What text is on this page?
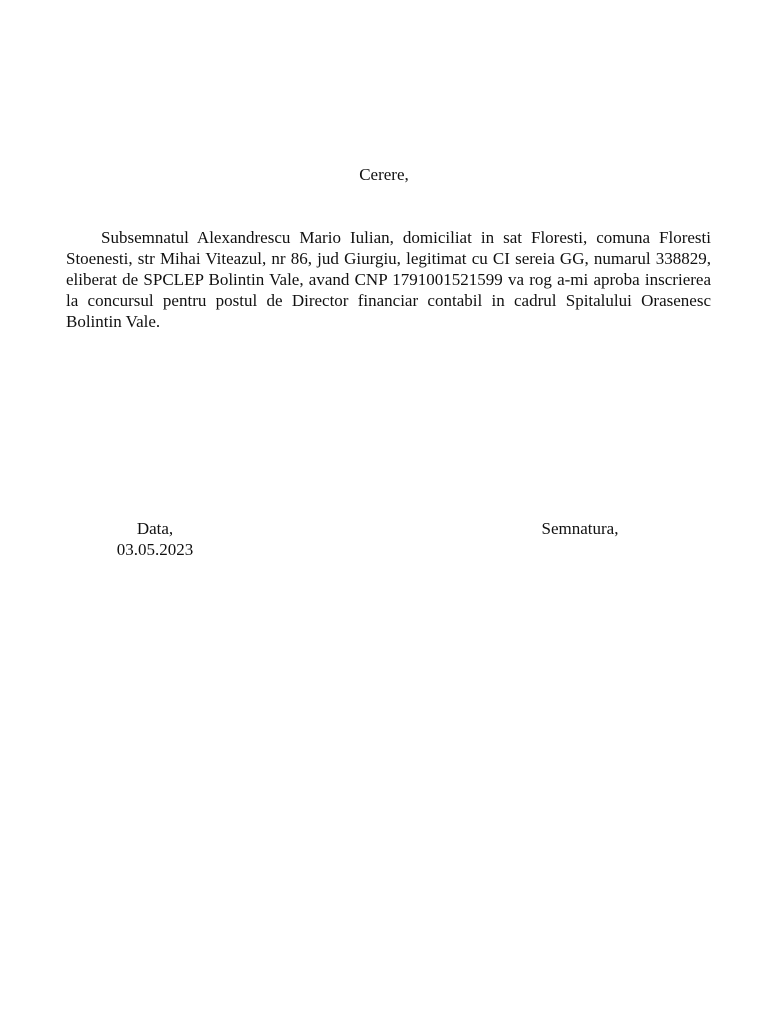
Cerere,

Subsemnatul Alexandrescu Mario Iulian, domiciliat in sat Floresti, comuna Floresti Stoenesti, str Mihai Viteazul, nr 86, jud Giurgiu, legitimat cu CI sereia GG, numarul 338829, eliberat de SPCLEP Bolintin Vale, avand CNP 1791001521599 va rog a-mi aproba inscrierea la concursul pentru postul de Director financiar contabil in cadrul Spitalului Orasenesc Bolintin Vale.

Data,
03.05.2023
Semnatura,
